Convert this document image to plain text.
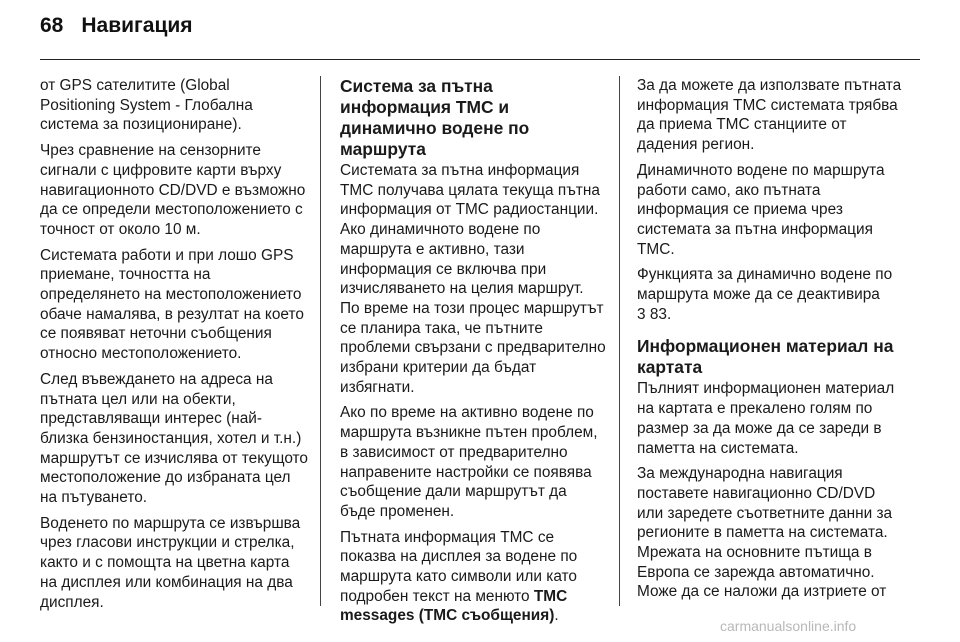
68 Навигация

от GPS сателитите (Global Positioning System - Глобална система за позициониране).

Чрез сравнение на сензорните сигнали с цифровите карти върху навигационното CD/DVD е възможно да се определи местоположението с точност от около 10 м.

Системата работи и при лошо GPS приемане, точността на определянето на местоположението обаче намалява, в резултат на което се появяват неточни съобщения относно местоположението.

След въвеждането на адреса на пътната цел или на обекти, представляващи интерес (най-близка бензиностанция, хотел и т.н.) маршрутът се изчислява от текущото местоположение до избраната цел на пътуването.

Воденето по маршрута се извършва чрез гласови инструкции и стрелка, както и с помощта на цветна карта на дисплея или комбинация на два дисплея.

Система за пътна информация ТМС и динамично водене по маршрута

Системата за пътна информация ТМС получава цялата текуща пътна информация от ТМС радиостанции. Ако динамичното водене по маршрута е активно, тази информация се включва при изчисляването на целия маршрут. По време на този процес маршрутът се планира така, че пътните проблеми свързани с предварително избрани критерии да бъдат избягнати.

Ако по време на активно водене по маршрута възникне пътен проблем, в зависимост от предварително направените настройки се появява съобщение дали маршрутът да бъде променен.

Пътната информация ТМС се показва на дисплея за водене по маршрута като символи или като подробен текст на менюто TMC messages (ТМС съобщения).

За да можете да използвате пътната информация ТМС системата трябва да приема ТМС станциите от дадения регион.

Динамичното водене по маршрута работи само, ако пътната информация се приема чрез системата за пътна информация ТМС.

Функцията за динамично водене по маршрута може да се деактивира 3 83.

Информационен материал на картата

Пълният информационен материал на картата е прекалено голям по размер за да може да се зареди в паметта на системата.

За международна навигация поставете навигационно CD/DVD или заредете съответните данни за регионите в паметта на системата. Мрежата на основните пътища в Европа се зарежда автоматично. Може да се наложи да изтриете от

carmanualsonline.info
